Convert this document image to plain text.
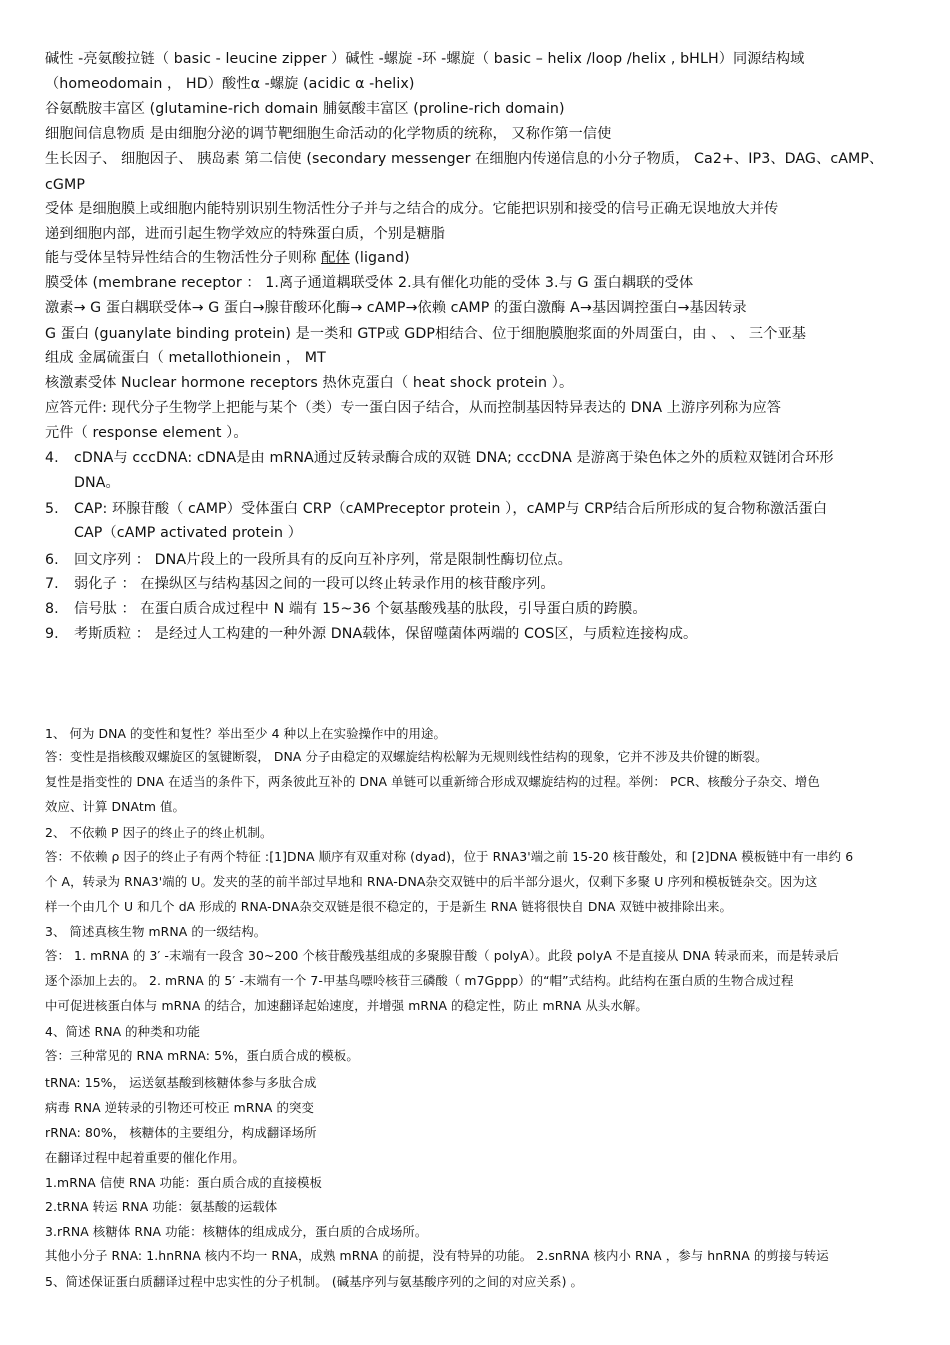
碱性 -亮氨酸拉链（ basic - leucine zipper ）碱性 -螺旋 -环 -螺旋（ basic – helix /loop /helix , bHLH）同源结构域
（homeodomain ， HD）酸性α -螺旋 (acidic α -helix)
谷氨酰胺丰富区 (glutamine-rich domain 脯氨酸丰富区 (proline-rich domain)
细胞间信息物质 是由细胞分泌的调节靶细胞生命活动的化学物质的统称， 又称作第一信使
生长因子、 细胞因子、 胰岛素 第二信使 (secondary messenger 在细胞内传递信息的小分子物质， Ca2+、IP3、DAG、cAMP、
cGMP
受体 是细胞膜上或细胞内能特别识别生物活性分子并与之结合的成分。它能把识别和接受的信号正确无误地放大并传
递到细胞内部，进而引起生物学效应的特殊蛋白质，个别是糖脂
能与受体呈特异性结合的生物活性分子则称 配体 (ligand)
膜受体 (membrane receptor ： 1.离子通道耦联受体 2.具有催化功能的受体 3.与 G 蛋白耦联的受体
激素→ G 蛋白耦联受体→ G 蛋白→腺苷酸环化酶→ cAMP→依赖 cAMP 的蛋白激酶 A→基因调控蛋白→基因转录
G 蛋白 (guanylate binding protein) 是一类和 GTP或 GDP相结合、位于细胞膜胞浆面的外周蛋白，由 、 、 三个亚基
组成 金属硫蛋白（ metallothionein ， MT
核激素受体 Nuclear hormone receptors 热休克蛋白（ heat shock protein ）。
应答元件: 现代分子生物学上把能与某个（类）专一蛋白因子结合，从而控制基因特异表达的 DNA 上游序列称为应答
元件（ response element ）。
4. cDNA与 cccDNA: cDNA是由 mRNA通过反转录酶合成的双链 DNA; cccDNA 是游离于染色体之外的质粒双链闭合环形
DNA。
5. CAP: 环腺苷酸（ cAMP）受体蛋白 CRP（cAMPreceptor protein ），cAMP与 CRP结合后所形成的复合物称激活蛋白
CAP（cAMP activated protein ）
6. 回文序列 ： DNA片段上的一段所具有的反向互补序列，常是限制性酶切位点。
7. 弱化子 ： 在操纵区与结构基因之间的一段可以终止转录作用的核苷酸序列。
8. 信号肽 ： 在蛋白质合成过程中 N 端有 15~36 个氨基酸残基的肽段，引导蛋白质的跨膜。
9. 考斯质粒 ： 是经过人工构建的一种外源 DNA载体，保留噬菌体两端的 COS区，与质粒连接构成。
1、 何为 DNA 的变性和复性？举出至少 4 种以上在实验操作中的用途。
答：变性是指核酸双螺旋区的氢键断裂， DNA 分子由稳定的双螺旋结构松解为无规则线性结构的现象，它并不涉及共价键的断裂。
复性是指变性的 DNA 在适当的条件下，两条彼此互补的 DNA 单链可以重新缔合形成双螺旋结构的过程。举例： PCR、核酸分子杂交、增色
效应、计算 DNAtm 值。
2、 不依赖 P 因子的终止子的终止机制。
答：不依赖 ρ 因子的终止子有两个特征 :[1]DNA 顺序有双重对称 (dyad)，位于 RNA3'端之前 15-20 核苷酸处，和 [2]DNA 模板链中有一串约 6
个 A，转录为 RNA3'端的 U。发夹的茎的前半部过早地和 RNA-DNA杂交双链中的后半部分退火，仅剩下多聚 U 序列和模板链杂交。因为这
样一个由几个 U 和几个 dA 形成的 RNA-DNA杂交双链是很不稳定的，于是新生 RNA 链将很快自 DNA 双链中被排除出来。
3、 简述真核生物 mRNA 的一级结构。
答： 1. mRNA 的 3′ -末端有一段含 30~200 个核苷酸残基组成的多聚腺苷酸（ polyA）。此段 polyA 不是直接从 DNA 转录而来，而是转录后
逐个添加上去的。 2. mRNA 的 5′ -末端有一个 7-甲基鸟嘌呤核苷三磷酸（ m7Gppp）的“帽”式结构。此结构在蛋白质的生物合成过程
中可促进核蛋白体与 mRNA 的结合，加速翻译起始速度，并增强 mRNA 的稳定性，防止 mRNA 从头水解。
4、简述 RNA 的种类和功能
答：三种常见的 RNA mRNA: 5%，蛋白质合成的模板。
tRNA: 15%， 运送氨基酸到核糖体参与多肽合成
病毒 RNA 逆转录的引物还可校正 mRNA 的突变
rRNA: 80%， 核糖体的主要组分，构成翻译场所
在翻译过程中起着重要的催化作用。
1.mRNA 信使 RNA 功能：蛋白质合成的直接模板
2.tRNA 转运 RNA 功能：氨基酸的运载体
3.rRNA 核糖体 RNA 功能：核糖体的组成成分，蛋白质的合成场所。
其他小分子 RNA: 1.hnRNA 核内不均一 RNA，成熟 mRNA 的前提，没有特异的功能。 2.snRNA 核内小 RNA ，参与 hnRNA 的剪接与转运
5、简述保证蛋白质翻译过程中忠实性的分子机制。 (碱基序列与氨基酸序列的之间的对应关系) 。
